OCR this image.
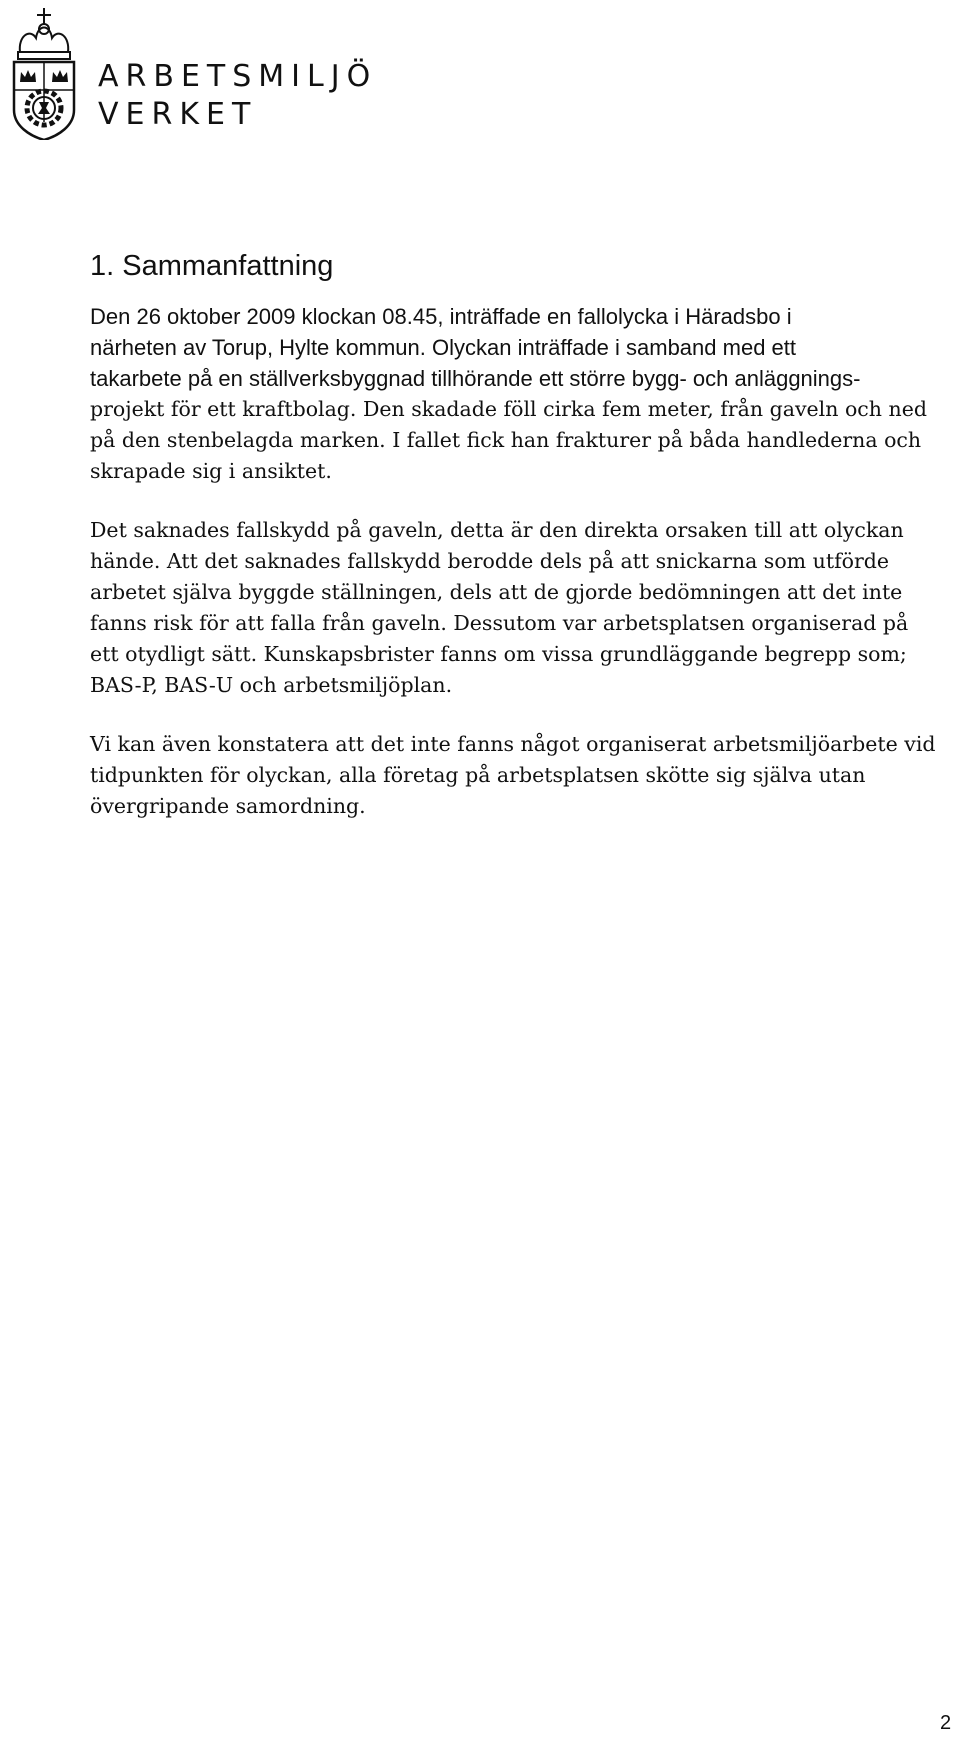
ARBETSMILJÖ
VERKET
1. Sammanfattning

Den 26 oktober 2009 klockan 08.45, inträffade en fallolycka i Häradsbo i

närheten av Torup, Hylte kommun. Olyckan inträffade i samband med ett

takarbete på en ställverksbyggnad tillhörande ett större bygg- och anläggnings-

projekt för ett kraftbolag. Den skadade föll cirka fem meter, från gaveln och ned

på den stenbelagda marken. I fallet fick han frakturer på båda handlederna och

skrapade sig i ansiktet.

Det saknades fallskydd på gaveln, detta är den direkta orsaken till att olyckan

hände. Att det saknades fallskydd berodde dels på att snickarna som utförde

arbetet själva byggde ställningen, dels att de gjorde bedömningen att det inte

fanns risk för att falla från gaveln. Dessutom var arbetsplatsen organiserad på

ett otydligt sätt. Kunskapsbrister fanns om vissa grundläggande begrepp som;

BAS-P, BAS-U och arbetsmiljöplan.

Vi kan även konstatera att det inte fanns något organiserat arbetsmiljöarbete vid

tidpunkten för olyckan, alla företag på arbetsplatsen skötte sig själva utan

övergripande samordning.

2
